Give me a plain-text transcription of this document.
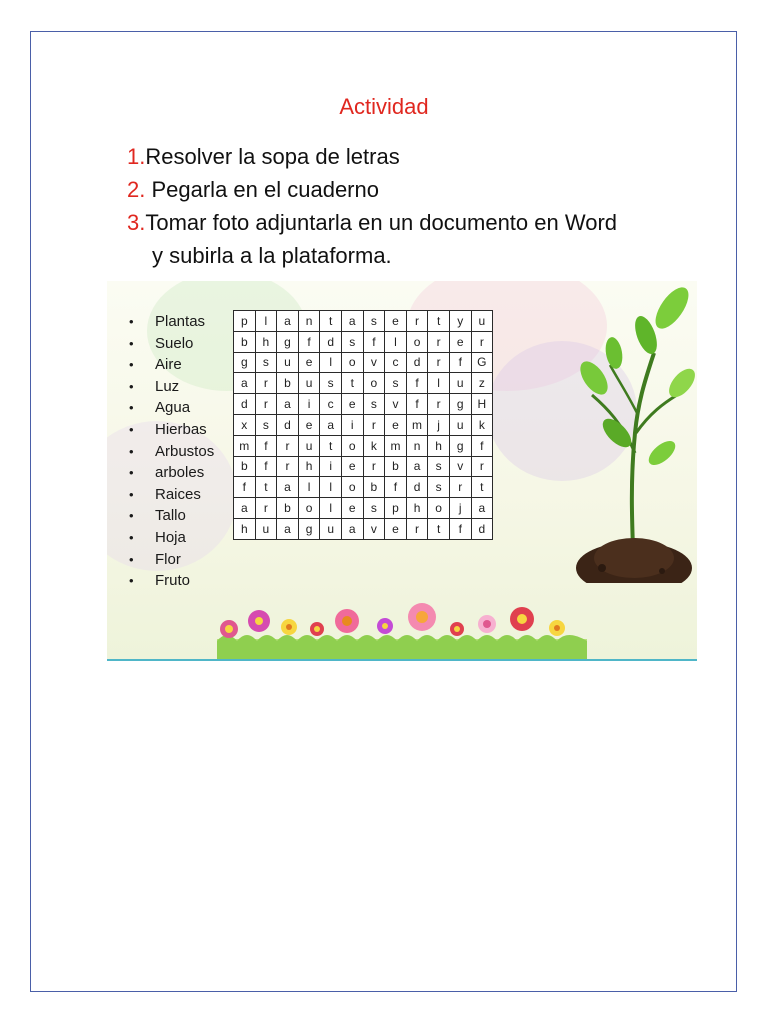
Actividad
1.Resolver la sopa de letras
2. Pegarla en el cuaderno
3.Tomar foto adjuntarla en un documento en Word
y subirla a la plataforma.
• Plantas
• Suelo
• Aire
• Luz
• Agua
• Hierbas
• Arbustos
• arboles
• Raices
• Tallo
• Hoja
• Flor
• Fruto
p	l	a	n	t	a	s	e	r	t	y	u
b	h	g	f	d	s	f	l	o	r	e	r
g	s	u	e	l	o	v	c	d	r	f	G
a	r	b	u	s	t	o	s	f	l	u	z
d	r	a	i	c	e	s	v	f	r	g	H
x	s	d	e	a	i	r	e	m	j	u	k
m	f	r	u	t	o	k	m	n	h	g	f
b	f	r	h	i	e	r	b	a	s	v	r
f	t	a	l	l	o	b	f	d	s	r	t
a	r	b	o	l	e	s	p	h	o	j	a
h	u	a	g	u	a	v	e	r	t	f	d
